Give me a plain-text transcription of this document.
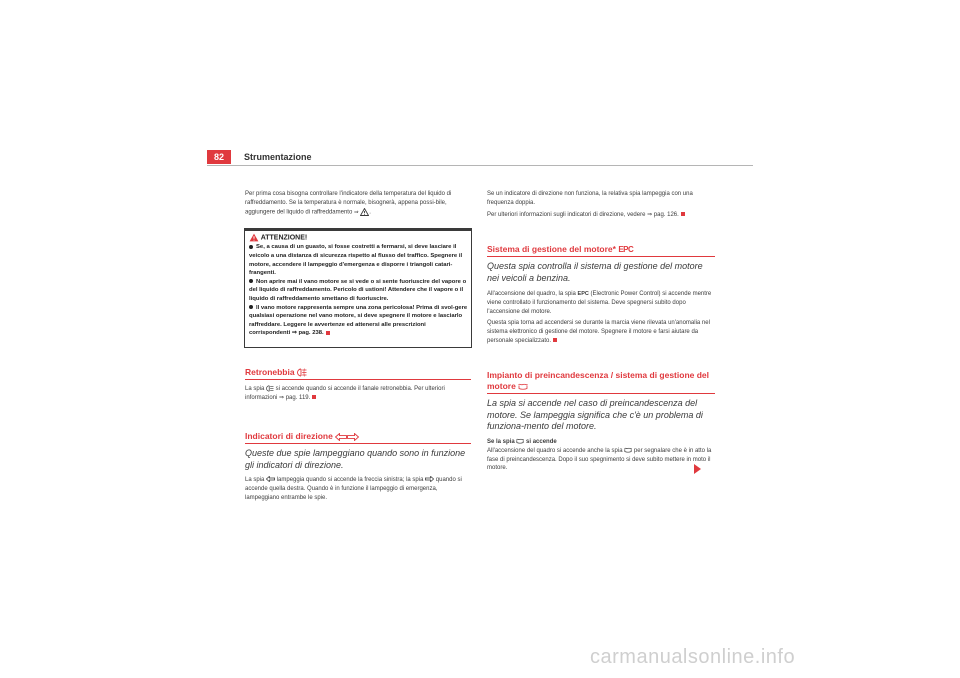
82	Strumentazione
Per prima cosa bisogna controllare l'indicatore della temperatura del liquido di raffreddamento. Se la temperatura è normale, bisognerà, appena possi-bile, aggiungere del liquido di raffreddamento ⇒ .
ATTENZIONE!

Se, a causa di un guasto, si fosse costretti a fermarsi, si deve lasciare il veicolo a una distanza di sicurezza rispetto al flusso del traffico. Spegnere il motore, accendere il lampeggio d'emergenza e disporre i triangoli catari-frangenti.

Non aprire mai il vano motore se si vede o si sente fuoriuscire del vapore o del liquido di raffreddamento. Pericolo di ustioni! Attendere che il vapore o il liquido di raffreddamento smettano di fuoriuscire.

Il vano motore rappresenta sempre una zona pericolosa! Prima di svol-gere qualsiasi operazione nel vano motore, si deve spegnere il motore e lasciarlo raffreddare. Leggere le avvertenze ed attenersi alle prescrizioni corrispondenti ⇒ pag. 238.

Retronebbia
La spia  si accende quando si accende il fanale retronebbia. Per ulteriori informazioni ⇒ pag. 119.
Indicatori di direzione
Queste due spie lampeggiano quando sono in funzione gli indicatori di direzione.
La spia  lampeggia quando si accende la freccia sinistra; la spia  quando si accende quella destra. Quando è in funzione il lampeggio di emergenza, lampeggiano entrambe le spie.

Se un indicatore di direzione non funziona, la relativa spia lampeggia con una frequenza doppia.

Per ulteriori informazioni sugli indicatori di direzione, vedere ⇒ pag. 126.

Sistema di gestione del motore* EPC
Questa spia controlla il sistema di gestione del motore nei veicoli a benzina.

All'accensione del quadro, la spia EPC (Electronic Power Control) si accende mentre viene controllato il funzionamento del sistema. Deve spegnersi subito dopo l'accensione del motore.

Questa spia torna ad accendersi se durante la marcia viene rilevata un'anomalia nel sistema elettronico di gestione del motore. Spegnere il motore e farsi aiutare da personale specializzato.

Impianto di preincandescenza / sistema di gestione del motore
La spia si accende nel caso di preincandescenza del motore. Se lampeggia significa che c'è un problema di funziona-mento del motore.

Se la spia  si accende

All'accensione del quadro si accende anche la spia  per segnalare che è in atto la fase di preincandescenza. Dopo il suo spegnimento si deve subito mettere in moto il motore.

carmanualsonline.info
